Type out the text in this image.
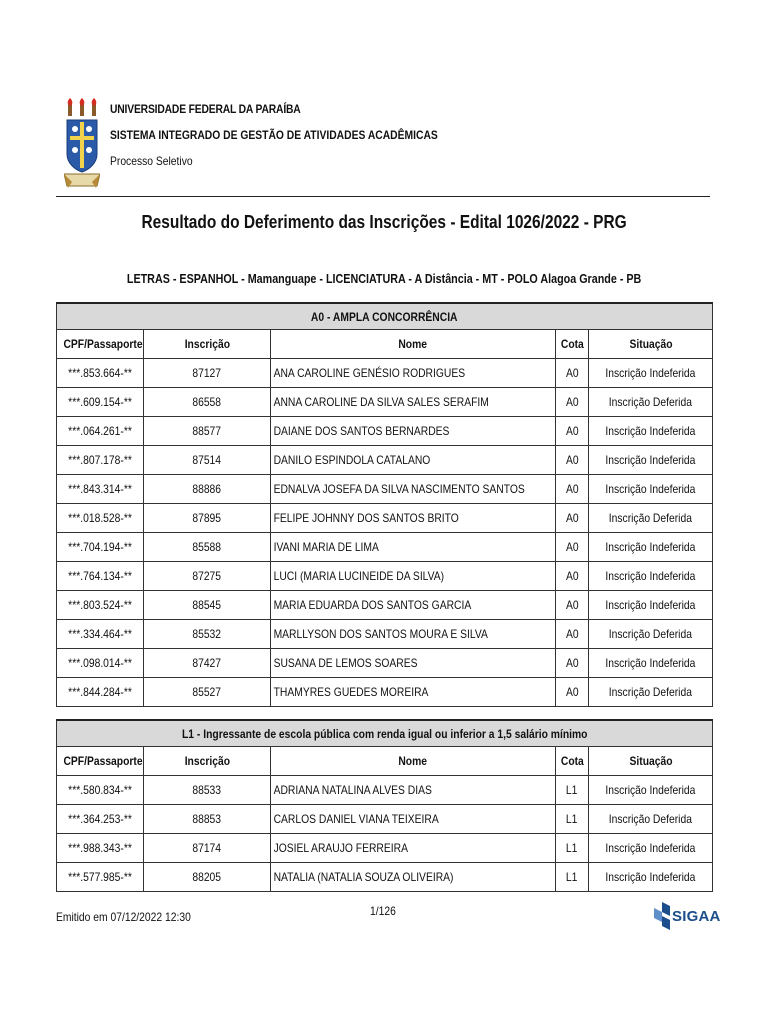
UNIVERSIDADE FEDERAL DA PARAÍBA
SISTEMA INTEGRADO DE GESTÃO DE ATIVIDADES ACADÊMICAS
Processo Seletivo
Resultado do Deferimento das Inscrições - Edital 1026/2022 - PRG
LETRAS - ESPANHOL - Mamanguape - LICENCIATURA - A Distância - MT - POLO Alagoa Grande - PB
A0 - AMPLA CONCORRÊNCIA				
CPF/Passaporte	Inscrição	Nome	Cota	Situação
***.853.664-**	87127	ANA CAROLINE GENÉSIO RODRIGUES	A0	Inscrição Indeferida
***.609.154-**	86558	ANNA CAROLINE DA SILVA SALES SERAFIM	A0	Inscrição Deferida
***.064.261-**	88577	DAIANE DOS SANTOS BERNARDES	A0	Inscrição Indeferida
***.807.178-**	87514	DANILO ESPINDOLA CATALANO	A0	Inscrição Indeferida
***.843.314-**	88886	EDNALVA JOSEFA DA SILVA NASCIMENTO SANTOS	A0	Inscrição Indeferida
***.018.528-**	87895	FELIPE JOHNNY DOS SANTOS BRITO	A0	Inscrição Deferida
***.704.194-**	85588	IVANI MARIA DE LIMA	A0	Inscrição Indeferida
***.764.134-**	87275	LUCI (MARIA LUCINEIDE DA SILVA)	A0	Inscrição Indeferida
***.803.524-**	88545	MARIA EDUARDA DOS SANTOS GARCIA	A0	Inscrição Indeferida
***.334.464-**	85532	MARLLYSON DOS SANTOS MOURA E SILVA	A0	Inscrição Deferida
***.098.014-**	87427	SUSANA DE LEMOS SOARES	A0	Inscrição Indeferida
***.844.284-**	85527	THAMYRES GUEDES MOREIRA	A0	Inscrição Deferida
L1 - Ingressante de escola pública com renda igual ou inferior a 1,5 salário mínimo				
CPF/Passaporte	Inscrição	Nome	Cota	Situação
***.580.834-**	88533	ADRIANA NATALINA ALVES DIAS	L1	Inscrição Indeferida
***.364.253-**	88853	CARLOS DANIEL VIANA TEIXEIRA	L1	Inscrição Deferida
***.988.343-**	87174	JOSIEL ARAUJO FERREIRA	L1	Inscrição Indeferida
***.577.985-**	88205	NATALIA (NATALIA SOUZA OLIVEIRA)	L1	Inscrição Indeferida
Emitido em 07/12/2022 12:30	1/126	SIGAA
